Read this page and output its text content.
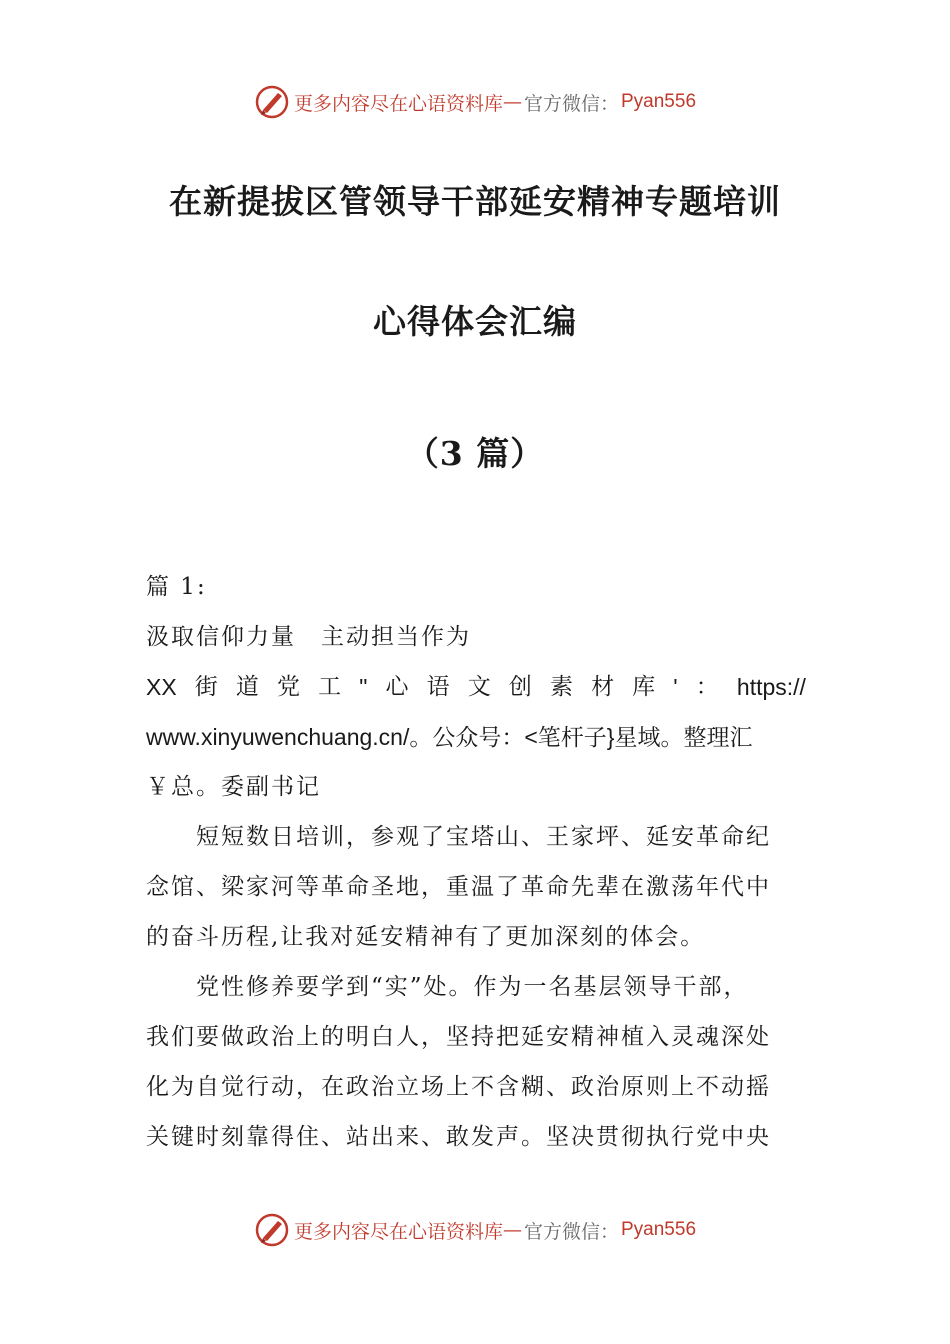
更多内容尽在心语资料库 — 官方微信： Pyan556
在新提拔区管领导干部延安精神专题培训
心得体会汇编
（3 篇）
篇 1:
汲取信仰力量　主动担当作为
XX 街 道 党 工 " 心 语 文 创 素 材 库 ' ： https://
www.xinyuwenchuang.cn/。公众号：<笔杆子}星域。整理汇
￥总。委副书记
短短数日培训，参观了宝塔山、王家坪、延安革命纪
念馆、梁家河等革命圣地，重温了革命先辈在激荡年代中
的奋斗历程,让我对延安精神有了更加深刻的体会。
党性修养要学到“实”处。作为一名基层领导干部，
我们要做政治上的明白人，坚持把延安精神植入灵魂深处
化为自觉行动，在政治立场上不含糊、政治原则上不动摇
关键时刻靠得住、站出来、敢发声。坚决贯彻执行党中央
更多内容尽在心语资料库 — 官方微信： Pyan556
